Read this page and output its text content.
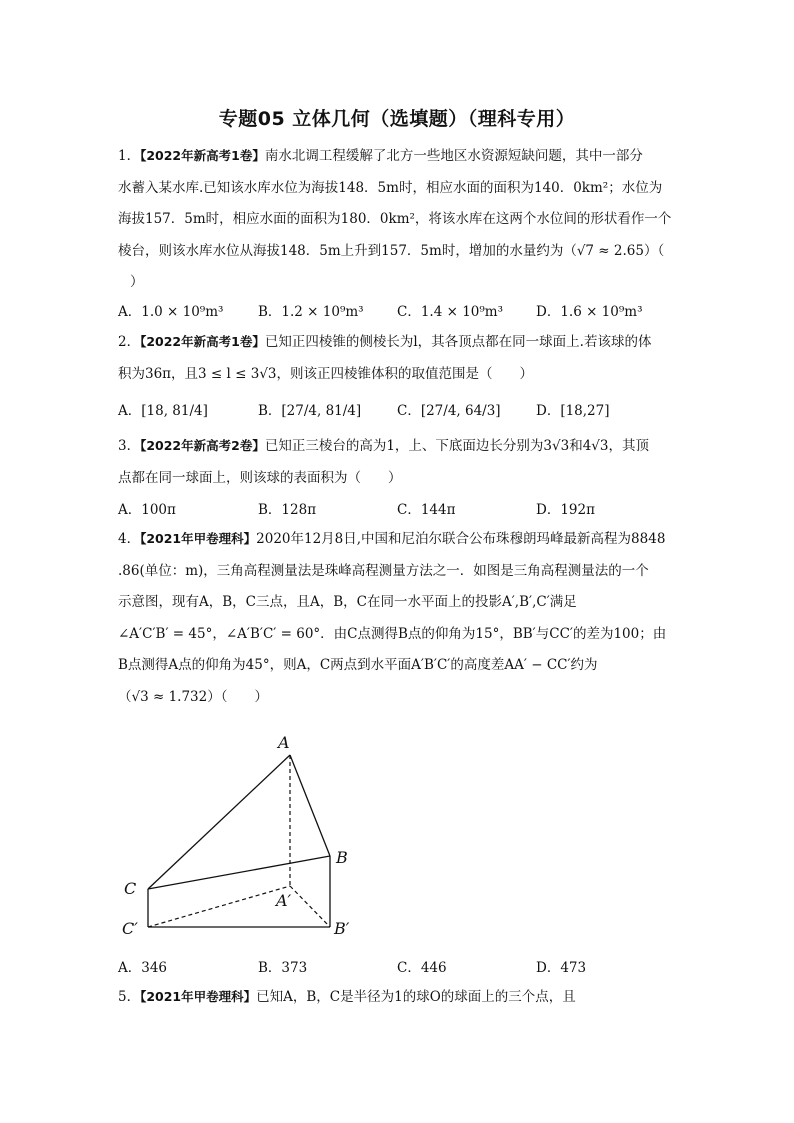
专题05 立体几何（选填题）（理科专用）
1．【2022年新高考1卷】南水北调工程缓解了北方一些地区水资源短缺问题，其中一部分
水蓄入某水库.已知该水库水位为海拔148．5m时，相应水面的面积为140．0km²；水位为
海拔157．5m时，相应水面的面积为180．0km²，将该水库在这两个水位间的形状看作一个
棱台，则该水库水位从海拔148．5m上升到157．5m时，增加的水量约为（√7 ≈ 2.65）（
）
A．1.0 × 10⁹m³	B．1.2 × 10⁹m³ C．1.4 × 10⁹m³ D．1.6 × 10⁹m³
2．【2022年新高考1卷】已知正四棱锥的侧棱长为l，其各顶点都在同一球面上.若该球的体
积为36π，且3 ≤ l ≤ 3√3，则该正四棱锥体积的取值范围是（　　）
A．[18, 81/4]	B．[27/4, 81/4]	C．[27/4, 64/3]	D．[18,27]
3．【2022年新高考2卷】已知正三棱台的高为1，上、下底面边长分别为3√3和4√3，其顶
点都在同一球面上，则该球的表面积为（　　）
A．100π	B．128π	C．144π	D．192π
4．【2021年甲卷理科】2020年12月8日,中国和尼泊尔联合公布珠穆朗玛峰最新高程为8848
.86(单位：m)，三角高程测量法是珠峰高程测量方法之一．如图是三角高程测量法的一个
示意图，现有A，B，C三点，且A，B，C在同一水平面上的投影A′,B′,C′满足
∠A′C′B′ = 45°，∠A′B′C′ = 60°．由C点测得B点的仰角为15°，BB′与CC′的差为100；由
B点测得A点的仰角为45°，则A，C两点到水平面A′B′C′的高度差AA′ − CC′约为
（√3 ≈ 1.732）（　　）
A
B
C
A′
B′
C′
A．346	B．373	C．446	D．473
5．【2021年甲卷理科】已知A，B，C是半径为1的球O的球面上的三个点，且
